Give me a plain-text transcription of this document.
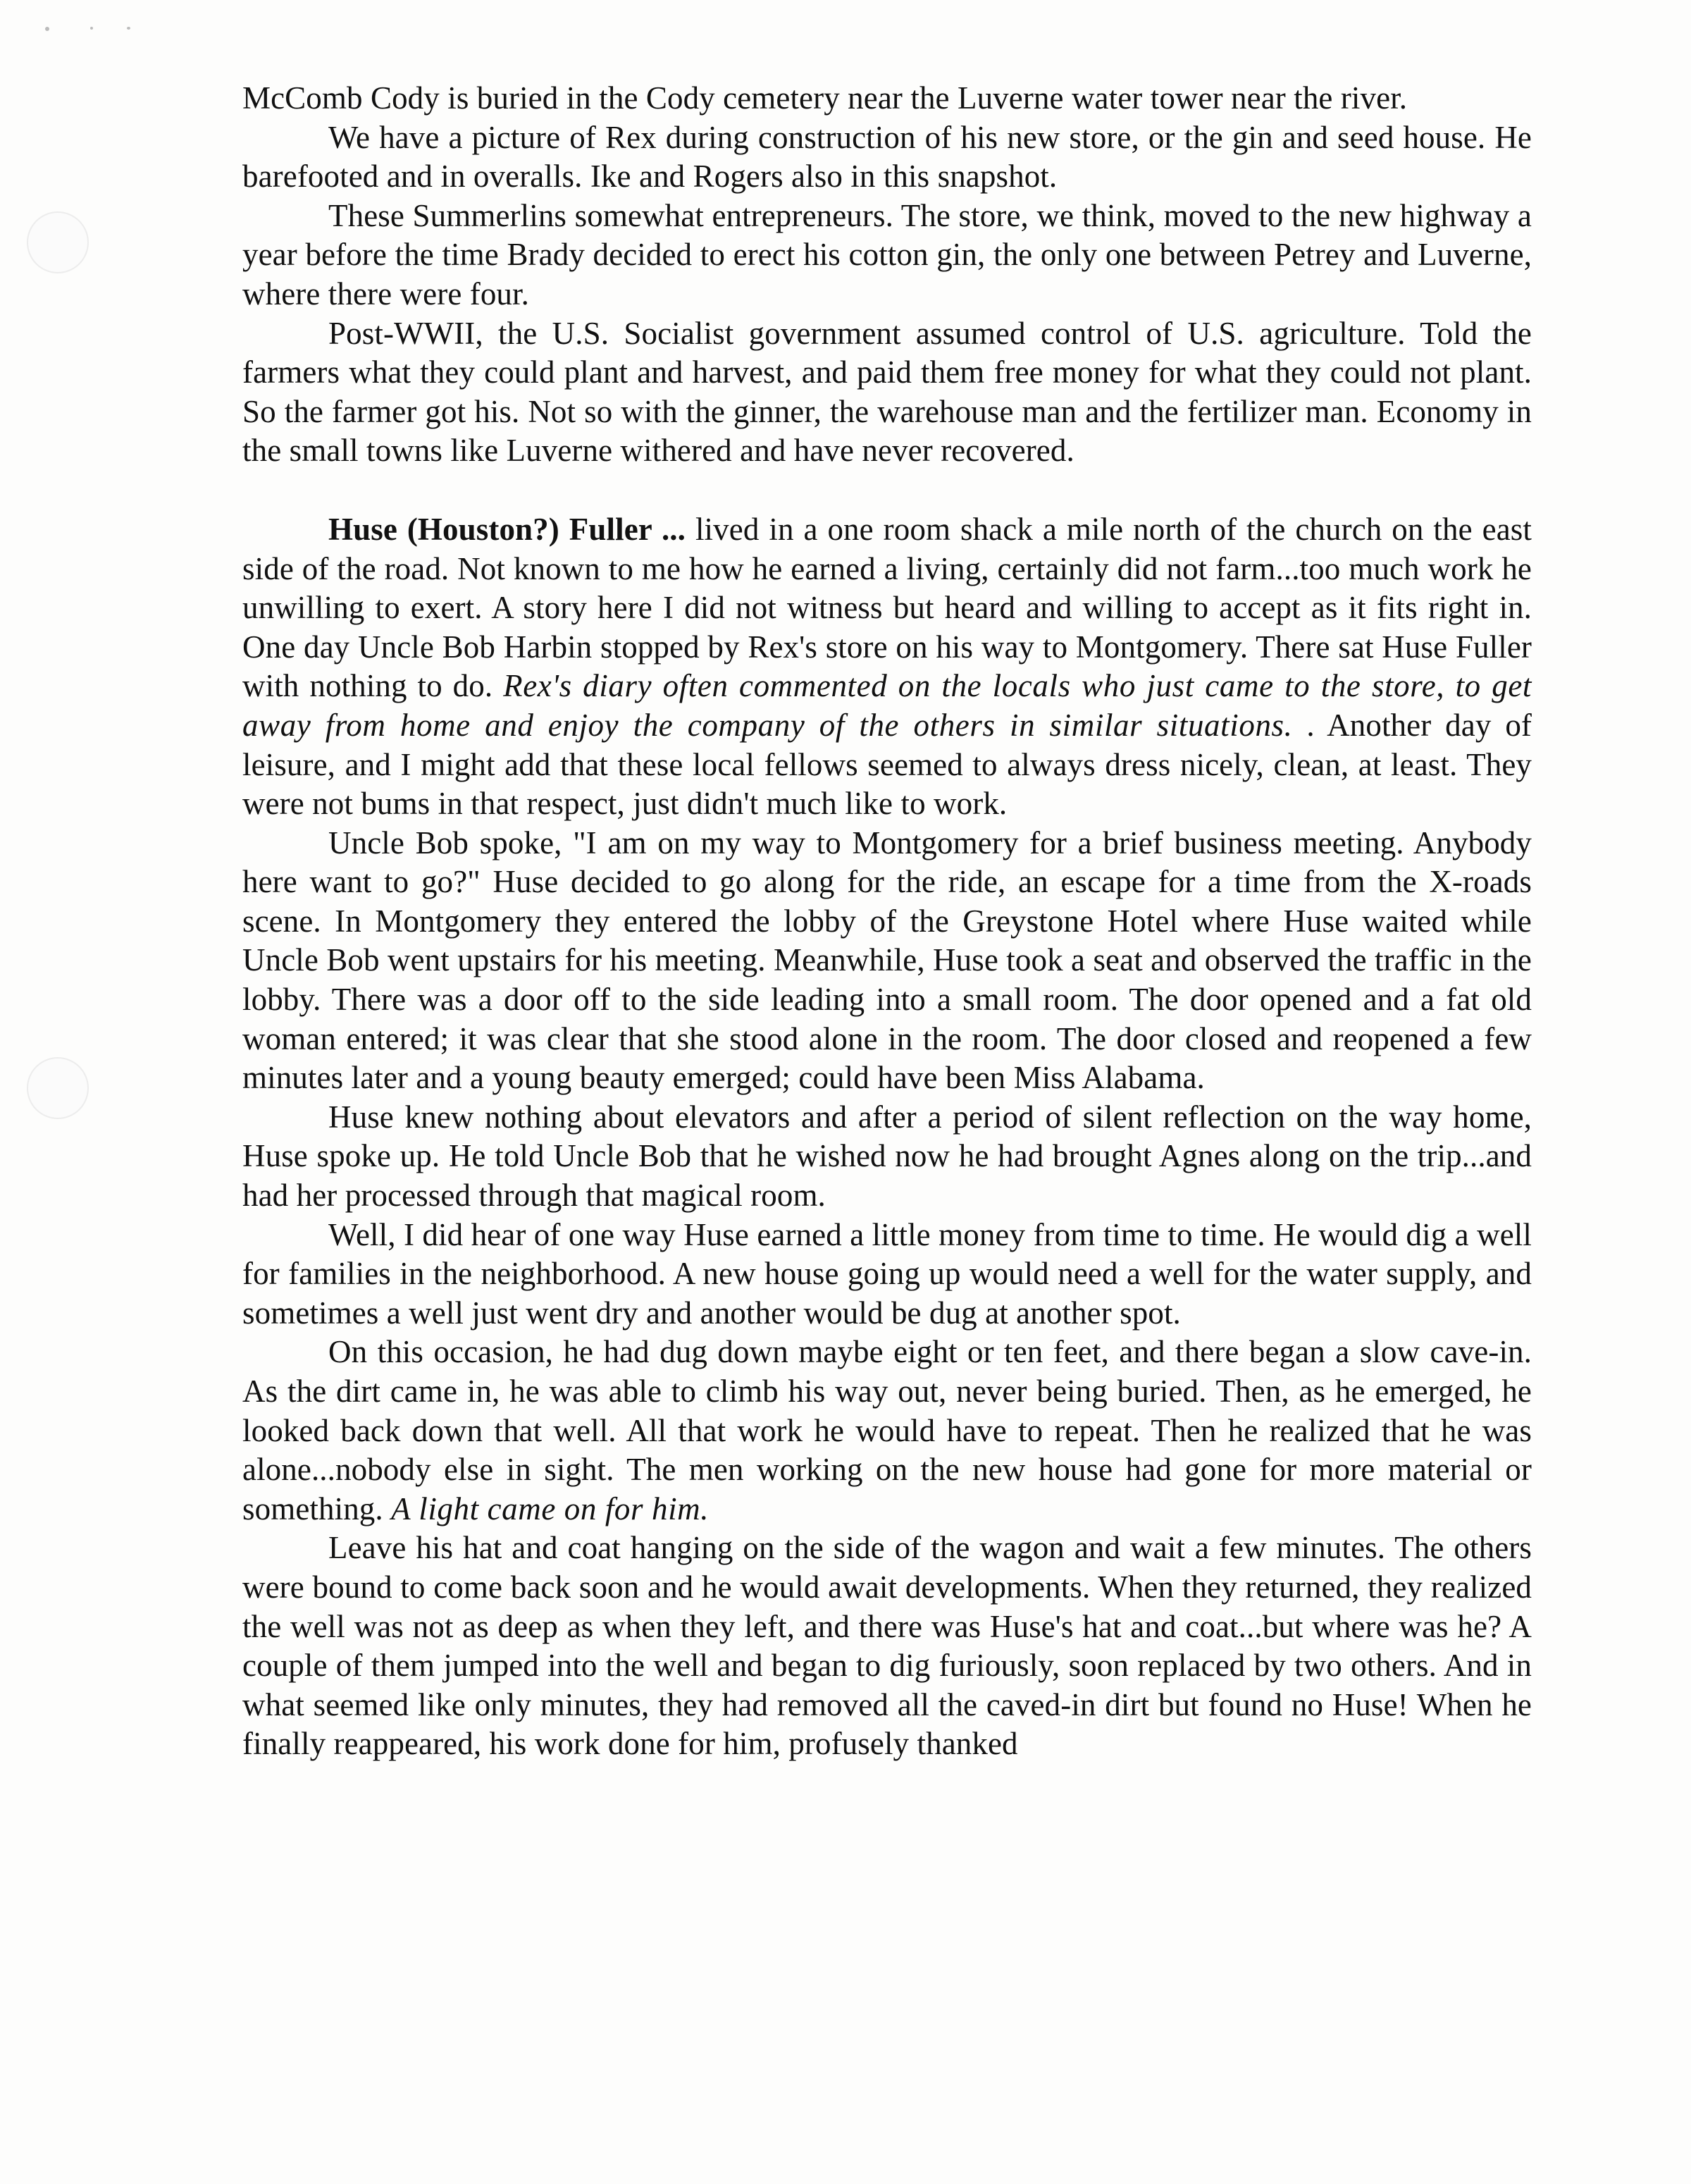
McComb Cody is buried in the Cody cemetery near the Luverne water tower near the river.

We have a picture of Rex during construction of his new store, or the gin and seed house. He barefooted and in overalls. Ike and Rogers also in this snapshot.

These Summerlins somewhat entrepreneurs. The store, we think, moved to the new highway a year before the time Brady decided to erect his cotton gin, the only one between Petrey and Luverne, where there were four.

Post-WWII, the U.S. Socialist government assumed control of U.S. agriculture. Told the farmers what they could plant and harvest, and paid them free money for what they could not plant. So the farmer got his. Not so with the ginner, the warehouse man and the fertilizer man. Economy in the small towns like Luverne withered and have never recovered.

Huse (Houston?) Fuller ... lived in a one room shack a mile north of the church on the east side of the road. Not known to me how he earned a living, certainly did not farm...too much work he unwilling to exert. A story here I did not witness but heard and willing to accept as it fits right in. One day Uncle Bob Harbin stopped by Rex's store on his way to Montgomery. There sat Huse Fuller with nothing to do. Rex's diary often commented on the locals who just came to the store, to get away from home and enjoy the company of the others in similar situations. . Another day of leisure, and I might add that these local fellows seemed to always dress nicely, clean, at least. They were not bums in that respect, just didn't much like to work.

Uncle Bob spoke, "I am on my way to Montgomery for a brief business meeting. Anybody here want to go?" Huse decided to go along for the ride, an escape for a time from the X-roads scene. In Montgomery they entered the lobby of the Greystone Hotel where Huse waited while Uncle Bob went upstairs for his meeting. Meanwhile, Huse took a seat and observed the traffic in the lobby. There was a door off to the side leading into a small room. The door opened and a fat old woman entered; it was clear that she stood alone in the room. The door closed and reopened a few minutes later and a young beauty emerged; could have been Miss Alabama.

Huse knew nothing about elevators and after a period of silent reflection on the way home, Huse spoke up. He told Uncle Bob that he wished now he had brought Agnes along on the trip...and had her processed through that magical room.

Well, I did hear of one way Huse earned a little money from time to time. He would dig a well for families in the neighborhood. A new house going up would need a well for the water supply, and sometimes a well just went dry and another would be dug at another spot.

On this occasion, he had dug down maybe eight or ten feet, and there began a slow cave-in. As the dirt came in, he was able to climb his way out, never being buried. Then, as he emerged, he looked back down that well. All that work he would have to repeat. Then he realized that he was alone...nobody else in sight. The men working on the new house had gone for more material or something. A light came on for him.

Leave his hat and coat hanging on the side of the wagon and wait a few minutes. The others were bound to come back soon and he would await developments. When they returned, they realized the well was not as deep as when they left, and there was Huse's hat and coat...but where was he? A couple of them jumped into the well and began to dig furiously, soon replaced by two others. And in what seemed like only minutes, they had removed all the caved-in dirt but found no Huse! When he finally reappeared, his work done for him, profusely thanked
